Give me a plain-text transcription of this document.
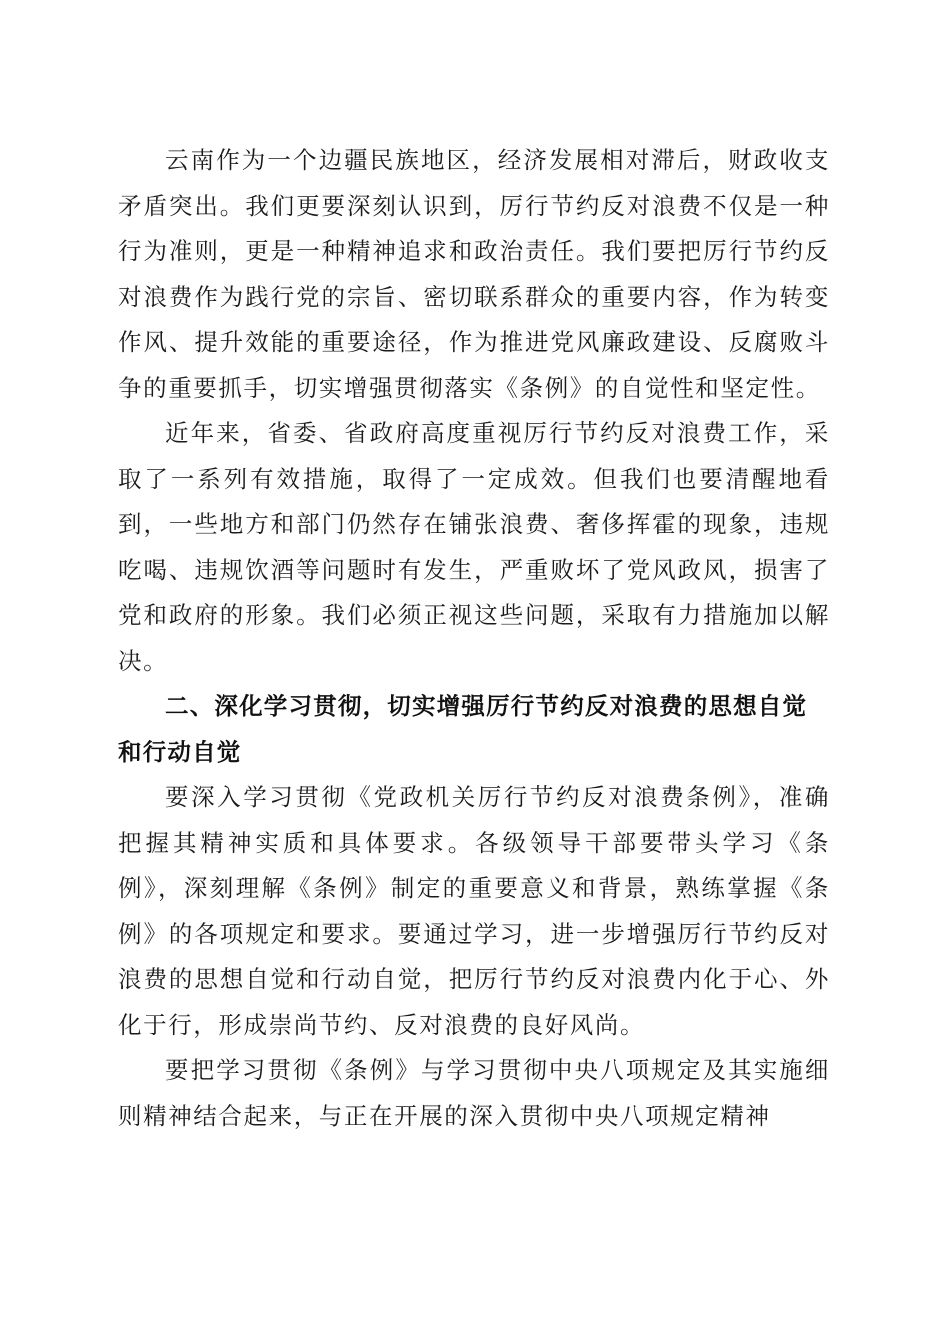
云南作为一个边疆民族地区，经济发展相对滞后，财政收支矛盾突出。我们更要深刻认识到，厉行节约反对浪费不仅是一种行为准则，更是一种精神追求和政治责任。我们要把厉行节约反对浪费作为践行党的宗旨、密切联系群众的重要内容，作为转变作风、提升效能的重要途径，作为推进党风廉政建设、反腐败斗争的重要抓手，切实增强贯彻落实《条例》的自觉性和坚定性。

近年来，省委、省政府高度重视厉行节约反对浪费工作，采取了一系列有效措施，取得了一定成效。但我们也要清醒地看到，一些地方和部门仍然存在铺张浪费、奢侈挥霍的现象，违规吃喝、违规饮酒等问题时有发生，严重败坏了党风政风，损害了党和政府的形象。我们必须正视这些问题，采取有力措施加以解决。

二、深化学习贯彻，切实增强厉行节约反对浪费的思想自觉和行动自觉

要深入学习贯彻《党政机关厉行节约反对浪费条例》，准确把握其精神实质和具体要求。各级领导干部要带头学习《条例》，深刻理解《条例》制定的重要意义和背景，熟练掌握《条例》的各项规定和要求。要通过学习，进一步增强厉行节约反对浪费的思想自觉和行动自觉，把厉行节约反对浪费内化于心、外化于行，形成崇尚节约、反对浪费的良好风尚。

要把学习贯彻《条例》与学习贯彻中央八项规定及其实施细则精神结合起来，与正在开展的深入贯彻中央八项规定精神
